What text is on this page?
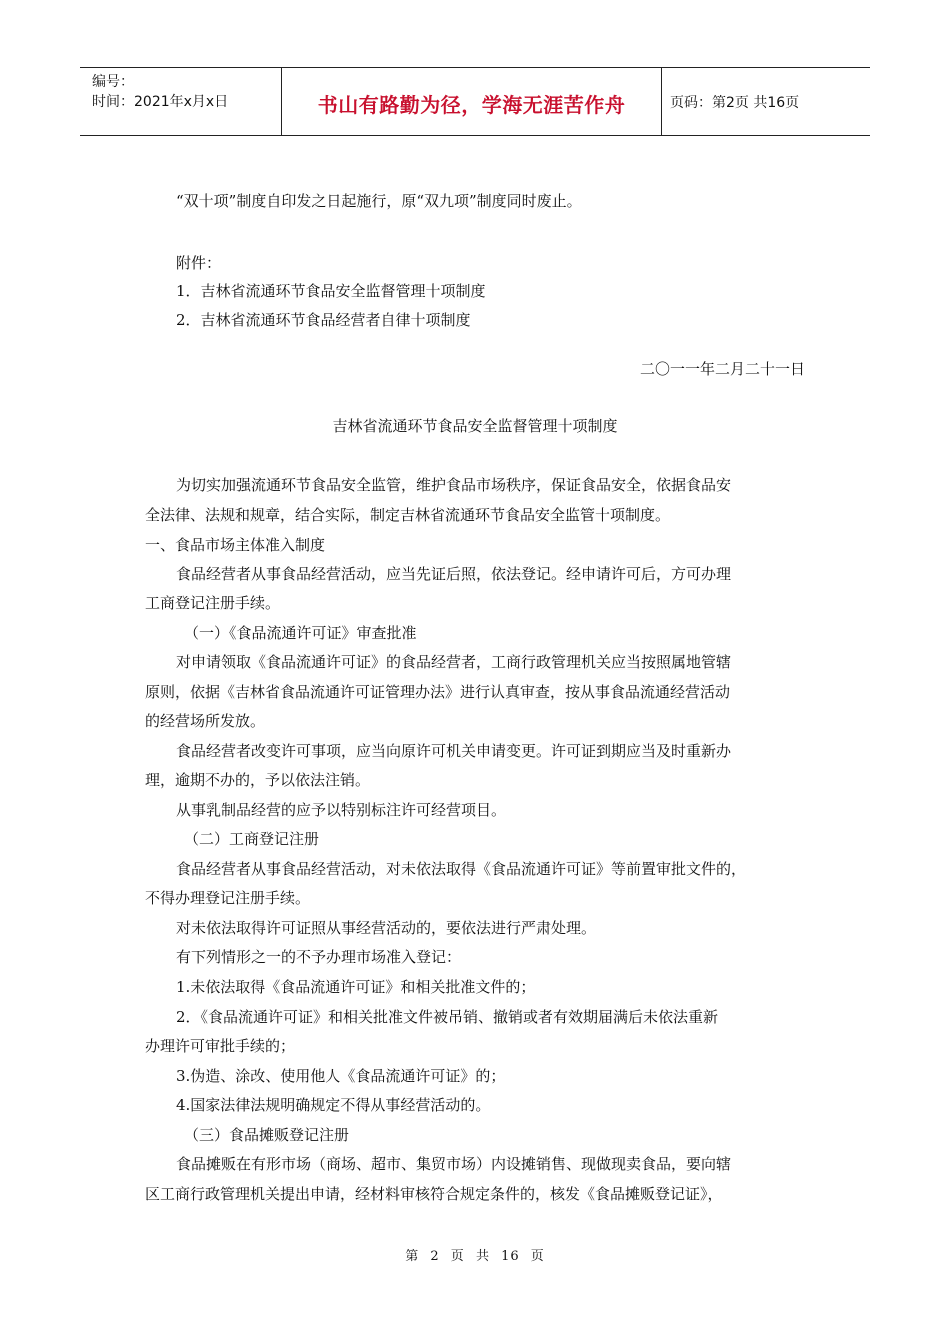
编号：
时间：2021年x月x日	书山有路勤为径，学海无涯苦作舟	页码：第2页 共16页
“双十项”制度自印发之日起施行，原“双九项”制度同时废止。
附件：
1．吉林省流通环节食品安全监督管理十项制度
2．吉林省流通环节食品经营者自律十项制度
二〇一一年二月二十一日
吉林省流通环节食品安全监督管理十项制度
为切实加强流通环节食品安全监管，维护食品市场秩序，保证食品安全，依据食品安
全法律、法规和规章，结合实际，制定吉林省流通环节食品安全监管十项制度。
一、食品市场主体准入制度
食品经营者从事食品经营活动，应当先证后照，依法登记。经申请许可后，方可办理
工商登记注册手续。
（一）《食品流通许可证》审查批准
对申请领取《食品流通许可证》的食品经营者，工商行政管理机关应当按照属地管辖
原则，依据《吉林省食品流通许可证管理办法》进行认真审查，按从事食品流通经营活动
的经营场所发放。
食品经营者改变许可事项，应当向原许可机关申请变更。许可证到期应当及时重新办
理，逾期不办的，予以依法注销。
从事乳制品经营的应予以特别标注许可经营项目。
（二）工商登记注册
食品经营者从事食品经营活动，对未依法取得《食品流通许可证》等前置审批文件的，
不得办理登记注册手续。
对未依法取得许可证照从事经营活动的，要依法进行严肃处理。
有下列情形之一的不予办理市场准入登记：
1.未依法取得《食品流通许可证》和相关批准文件的；
2．《食品流通许可证》和相关批准文件被吊销、撤销或者有效期届满后未依法重新
办理许可审批手续的；
3.伪造、涂改、使用他人《食品流通许可证》的；
4.国家法律法规明确规定不得从事经营活动的。
（三）食品摊贩登记注册
食品摊贩在有形市场（商场、超市、集贸市场）内设摊销售、现做现卖食品，要向辖
区工商行政管理机关提出申请，经材料审核符合规定条件的，核发《食品摊贩登记证》，
第 2 页 共 16 页
